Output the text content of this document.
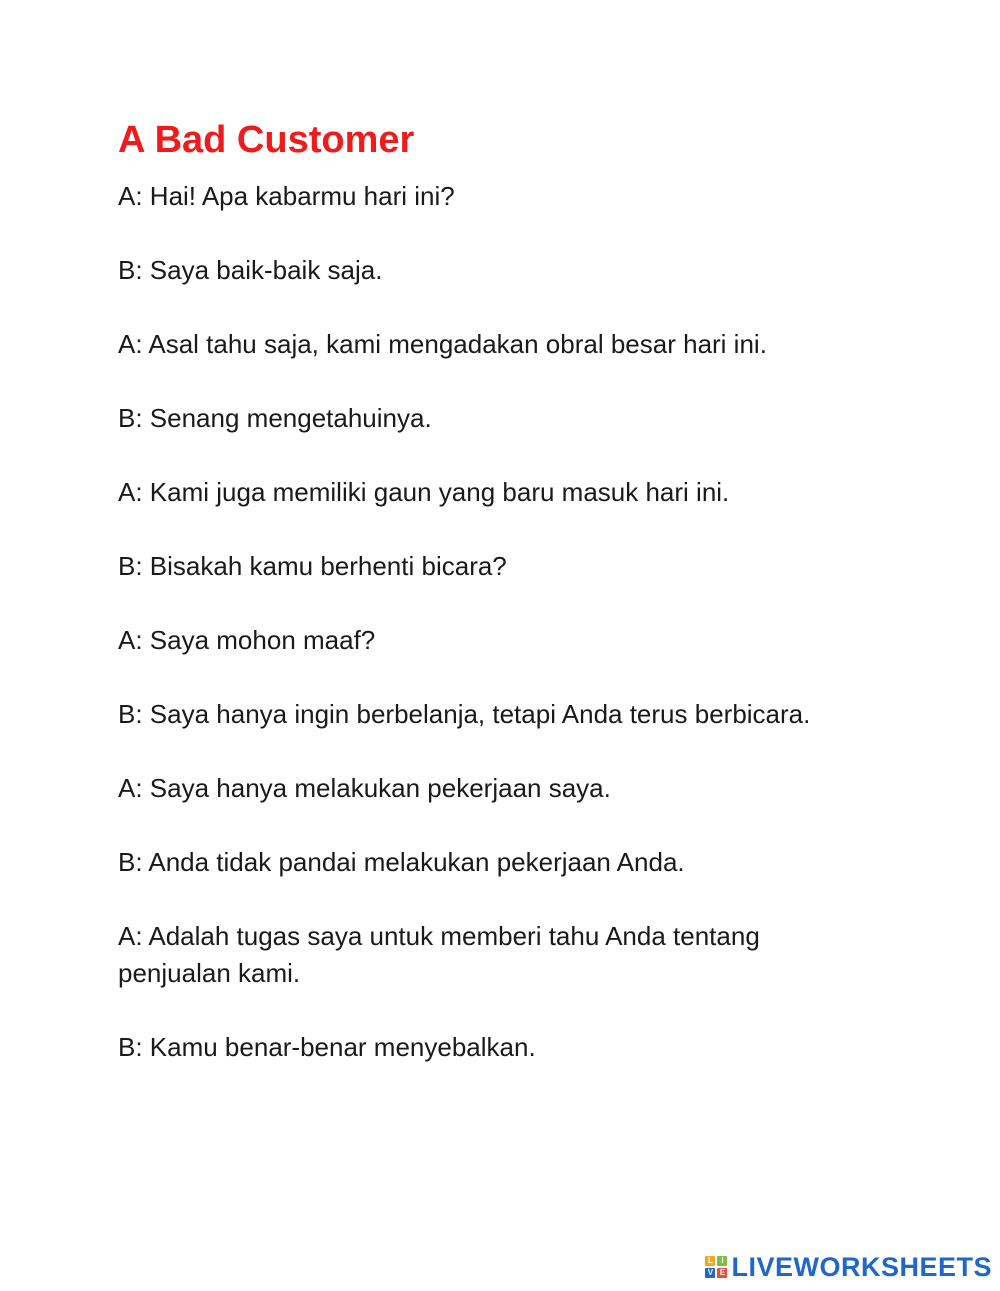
A Bad Customer

A: Hai! Apa kabarmu hari ini?

B: Saya baik-baik saja.

A: Asal tahu saja, kami mengadakan obral besar hari ini.

B: Senang mengetahuinya.

A: Kami juga memiliki gaun yang baru masuk hari ini.

B: Bisakah kamu berhenti bicara?

A: Saya mohon maaf?

B: Saya hanya ingin berbelanja, tetapi Anda terus berbicara.

A: Saya hanya melakukan pekerjaan saya.

B: Anda tidak pandai melakukan pekerjaan Anda.

A: Adalah tugas saya untuk memberi tahu Anda tentang penjualan kami.

B: Kamu benar-benar menyebalkan.

L	I
V E LIVEWORKSHEETS
